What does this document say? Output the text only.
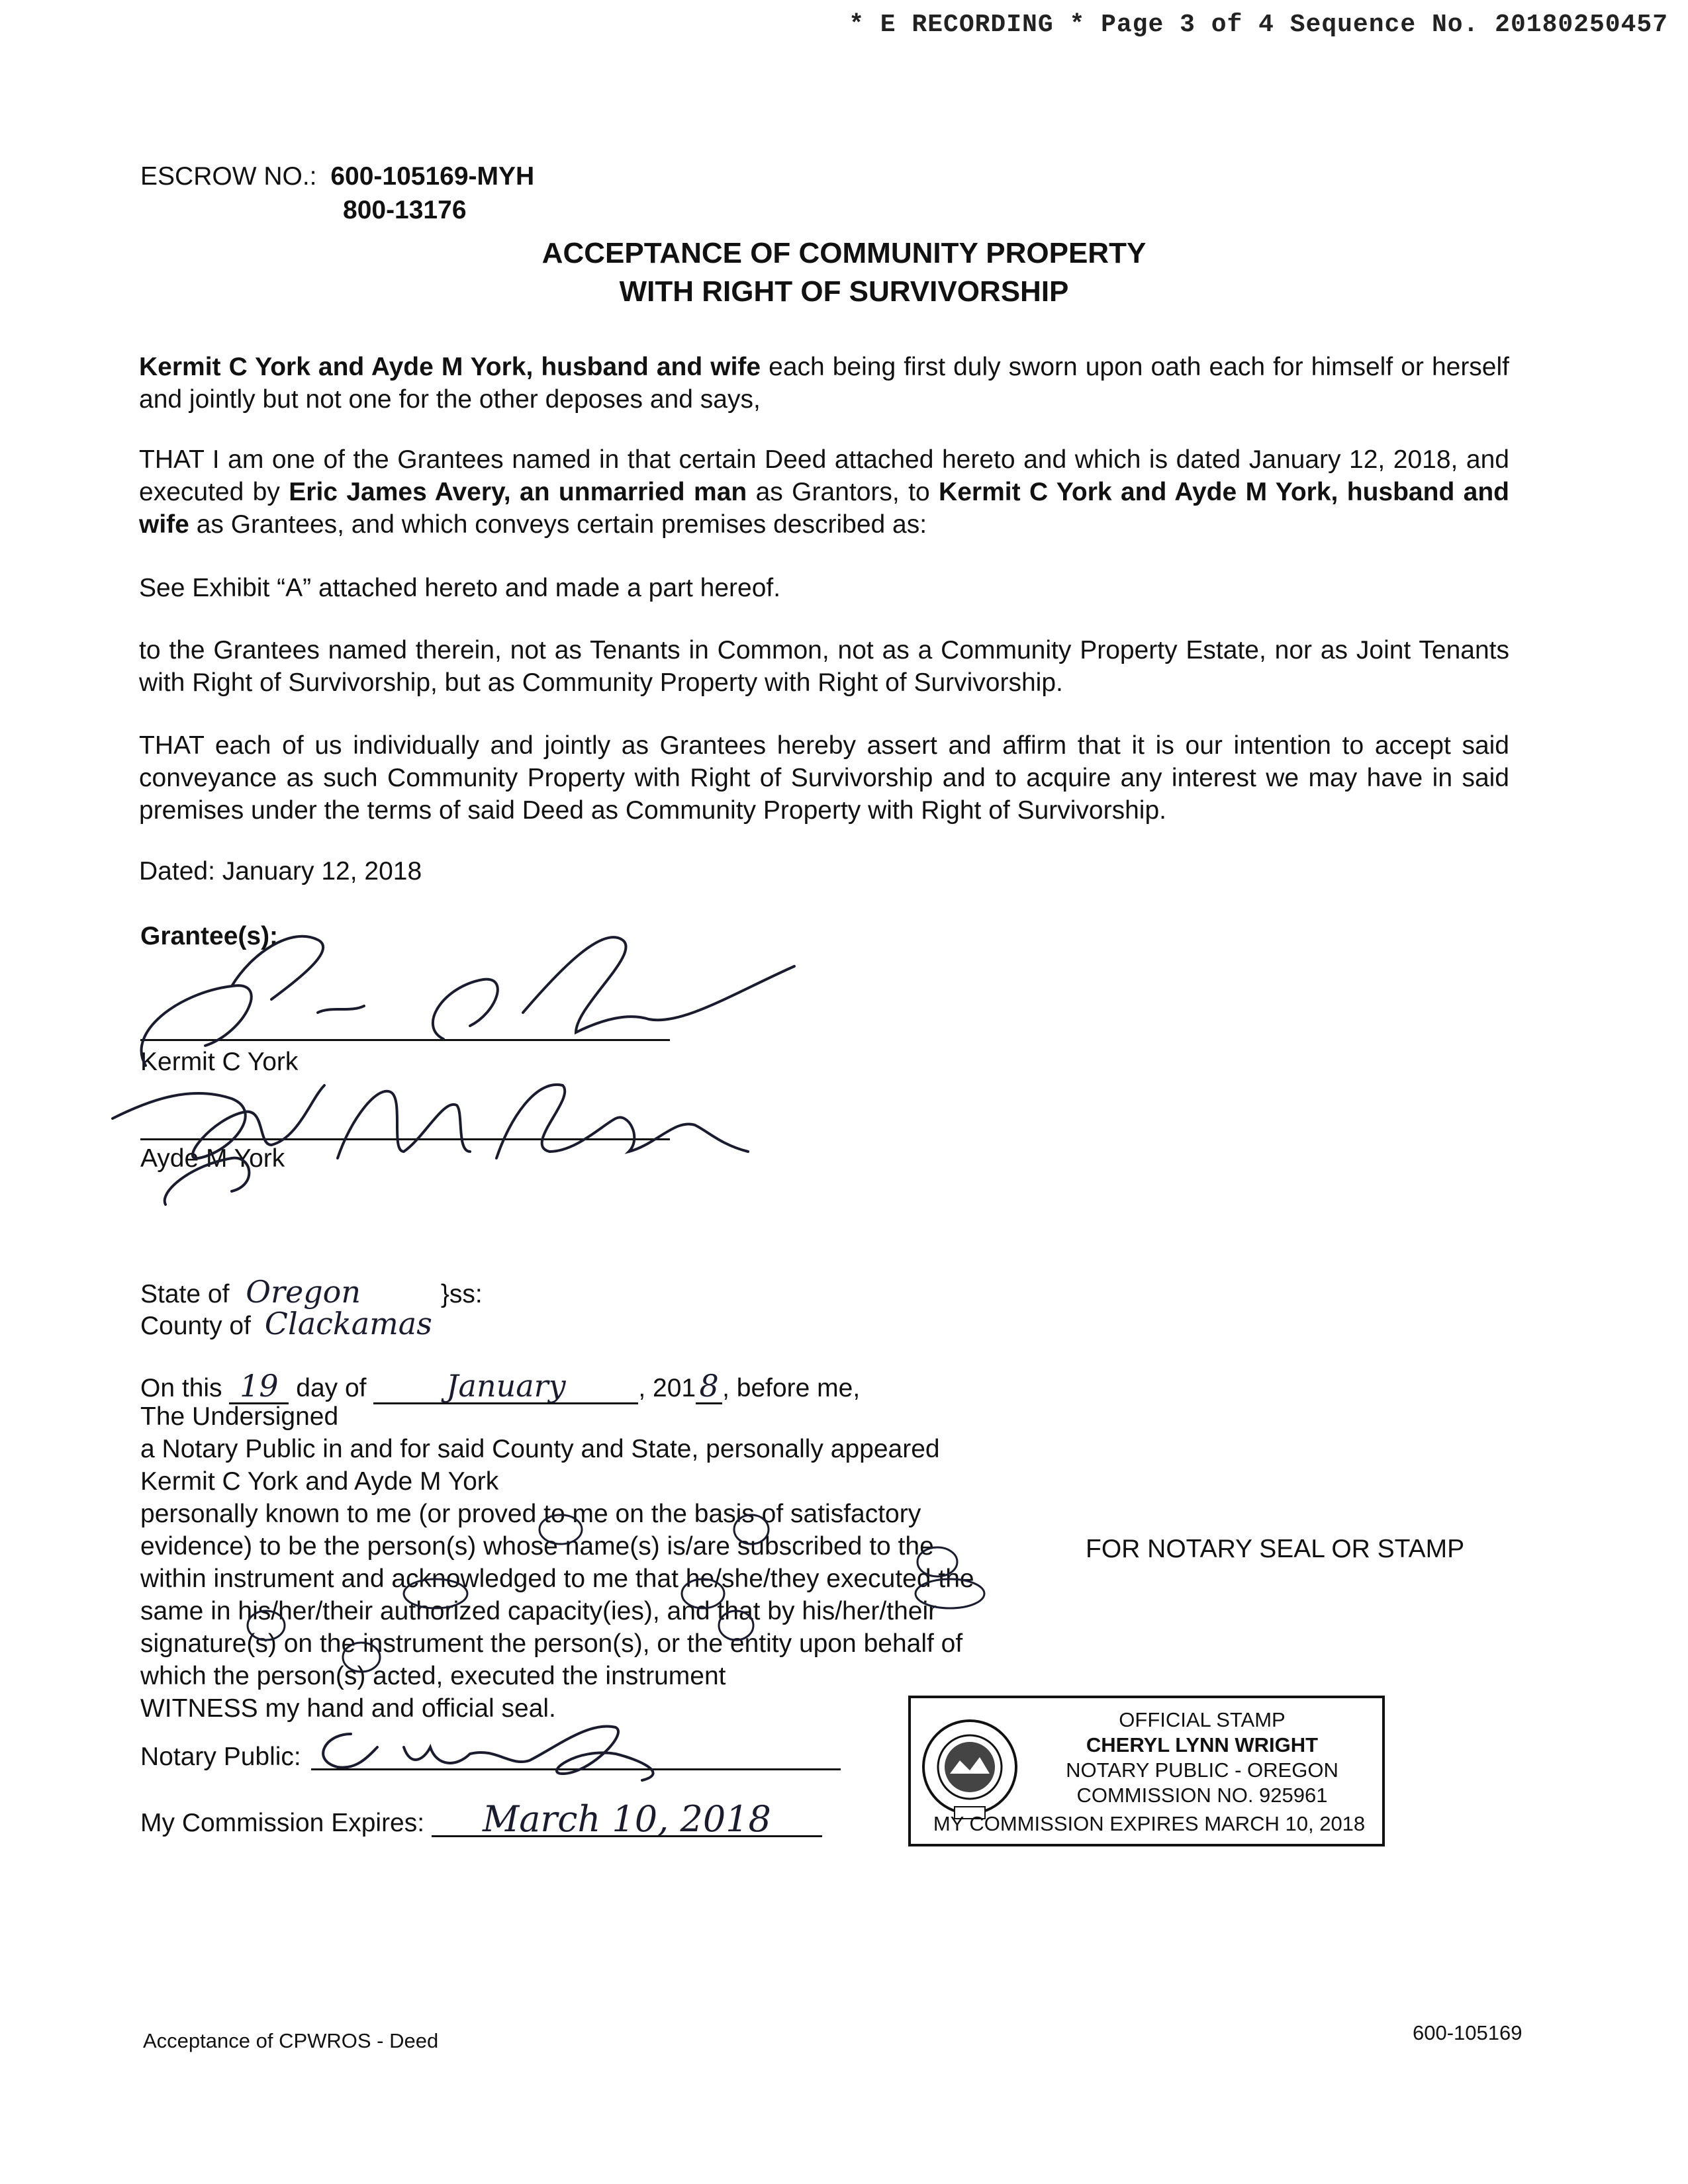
* E RECORDING * Page 3 of 4 Sequence No. 20180250457
ESCROW NO.: 600-105169-MYH
800-13176
ACCEPTANCE OF COMMUNITY PROPERTY
WITH RIGHT OF SURVIVORSHIP
Kermit C York and Ayde M York, husband and wife each being first duly sworn upon oath each for himself or herself and jointly but not one for the other deposes and says,
THAT I am one of the Grantees named in that certain Deed attached hereto and which is dated January 12, 2018, and executed by Eric James Avery, an unmarried man as Grantors, to Kermit C York and Ayde M York, husband and wife as Grantees, and which conveys certain premises described as:
See Exhibit “A” attached hereto and made a part hereof.
to the Grantees named therein, not as Tenants in Common, not as a Community Property Estate, nor as Joint Tenants with Right of Survivorship, but as Community Property with Right of Survivorship.
THAT each of us individually and jointly as Grantees hereby assert and affirm that it is our intention to accept said conveyance as such Community Property with Right of Survivorship and to acquire any interest we may have in said premises under the terms of said Deed as Community Property with Right of Survivorship.
Dated: January 12, 2018
Grantee(s):
Kermit C York
Ayde M York
State of Oregon	}ss:
County of Clackamas
On this 19 day of	January	, 201 8 , before me,
The Undersigned
a Notary Public in and for said County and State, personally appeared
Kermit C York and Ayde M York
personally known to me (or proved to me on the basis of satisfactory
evidence) to be the person(s) whose name(s) is/are subscribed to the
within instrument and acknowledged to me that he/she/they executed the
same in his/her/their authorized capacity(ies), and that by his/her/their
signature(s) on the instrument the person(s), or the entity upon behalf of
which the person(s) acted, executed the instrument
WITNESS my hand and official seal.
Notary Public:
My Commission Expires: March 10, 2018
FOR NOTARY SEAL OR STAMP
OFFICIAL STAMP
CHERYL LYNN WRIGHT
NOTARY PUBLIC - OREGON
COMMISSION NO. 925961
MY COMMISSION EXPIRES MARCH 10, 2018
Acceptance of CPWROS - Deed	600-105169
